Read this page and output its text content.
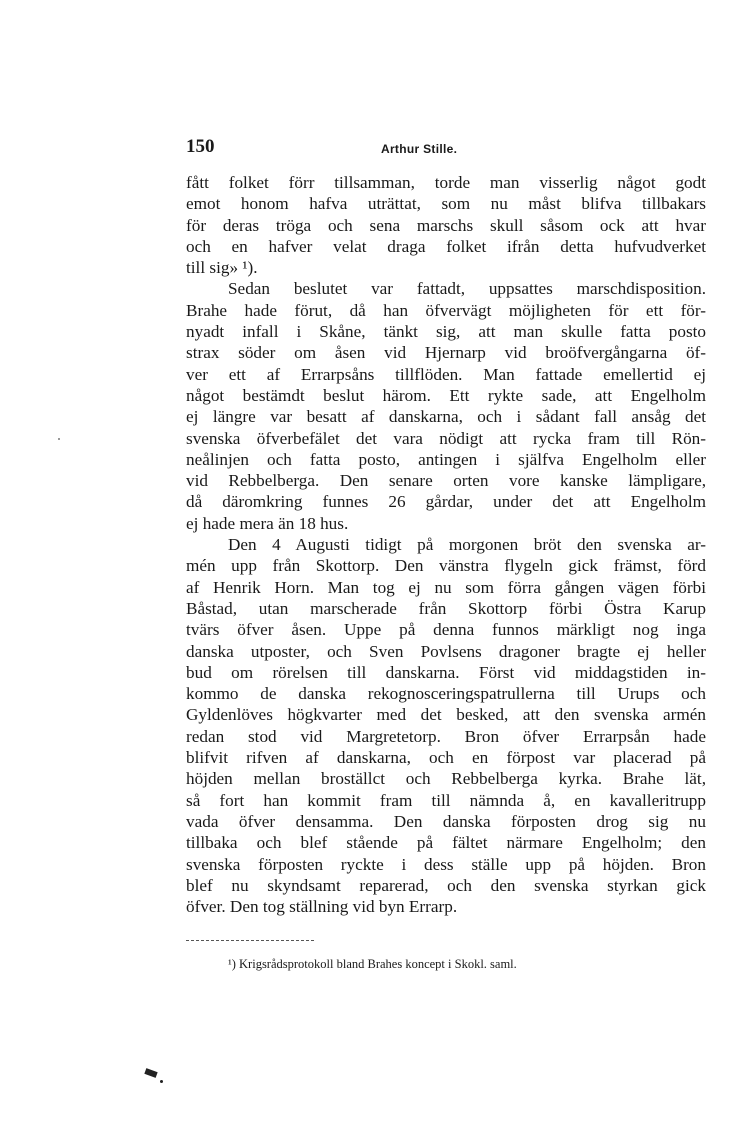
150	Arthur Stille.
fått folket förr tillsamman, torde man visserlig något godt
emot honom hafva uträttat, som nu måst blifva tillbakars
för deras tröga och sena marschs skull såsom ock att hvar
och en hafver velat draga folket ifrån detta hufvudverket
till sig» ¹).
Sedan beslutet var fattadt, uppsattes marschdisposition.
Brahe hade förut, då han öfvervägt möjligheten för ett för-
nyadt infall i Skåne, tänkt sig, att man skulle fatta posto
strax söder om åsen vid Hjernarp vid broöfvergångarna öf-
ver ett af Errarpsåns tillflöden. Man fattade emellertid ej
något bestämdt beslut härom. Ett rykte sade, att Engelholm
ej längre var besatt af danskarna, och i sådant fall ansåg det
svenska öfverbefälet det vara nödigt att rycka fram till Rön-
neålinjen och fatta posto, antingen i själfva Engelholm eller
vid Rebbelberga. Den senare orten vore kanske lämpligare,
då däromkring funnes 26 gårdar, under det att Engelholm
ej hade mera än 18 hus.
Den 4 Augusti tidigt på morgonen bröt den svenska ar-
mén upp från Skottorp. Den vänstra flygeln gick främst, förd
af Henrik Horn. Man tog ej nu som förra gången vägen förbi
Båstad, utan marscherade från Skottorp förbi Östra Karup
tvärs öfver åsen. Uppe på denna funnos märkligt nog inga
danska utposter, och Sven Povlsens dragoner bragte ej heller
bud om rörelsen till danskarna. Först vid middagstiden in-
kommo de danska rekognosceringspatrullerna till Urups och
Gyldenlöves högkvarter med det besked, att den svenska armén
redan stod vid Margretetorp. Bron öfver Errarpsån hade
blifvit rifven af danskarna, och en förpost var placerad på
höjden mellan broställct och Rebbelberga kyrka. Brahe lät,
så fort han kommit fram till nämnda å, en kavalleritrupp
vada öfver densamma. Den danska förposten drog sig nu
tillbaka och blef stående på fältet närmare Engelholm; den
svenska förposten ryckte i dess ställe upp på höjden. Bron
blef nu skyndsamt reparerad, och den svenska styrkan gick
öfver. Den tog ställning vid byn Errarp.
¹) Krigsrådsprotokoll bland Brahes koncept i Skokl. saml.
